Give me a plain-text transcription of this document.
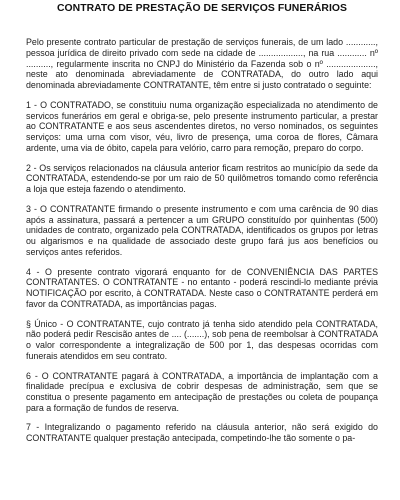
CONTRATO DE PRESTAÇÃO DE SERVIÇOS FUNERÁRIOS

Pelo presente contrato particular de prestação de serviços funerais, de um lado ............, pessoa jurídica de direito privado com sede na cidade de .................., na rua ............ nº .........., regularmente inscrita no CNPJ do Ministério da Fazenda sob o nº ...................., neste ato denominada abreviadamente de CONTRATADA, do outro lado aqui denominada abreviadamente CONTRATANTE, têm entre si justo contratado o seguinte:

1 - O CONTRATADO, se constituiu numa organização especializada no atendimento de servicos funerários em geral e obriga-se, pelo presente instrumento particular, a prestar ao CONTRATANTE e aos seus ascendentes diretos, no verso nominados, os seguintes serviços: uma urna com visor, véu, livro de presença, uma coroa de flores, Câmara ardente, uma via de óbito, capela para velório, carro para remoção, preparo do corpo.

2 - Os serviços relacionados na cláusula anterior ficam restritos ao município da sede da CONTRATADA, estendendo-se por um raio de 50 quilômetros tomando como referência a loja que esteja fazendo o atendimento.

3 - O CONTRATANTE firmando o presente instrumento e com uma carência de 90 dias após a assinatura, passará a pertencer a um GRUPO constituído por quinhentas (500) unidades de contrato, organizado pela CONTRATADA, identificados os grupos por letras ou algarismos e na qualidade de associado deste grupo fará jus aos benefícios ou serviços antes referidos.

4 - O presente contrato vigorará enquanto for de CONVENIÊNCIA DAS PARTES CONTRATANTES. O CONTRATANTE - no entanto - poderá rescindi-lo mediante prévia NOTIFICAÇÃO por escrito, à CONTRATADA. Neste caso o CONTRATANTE perderá em favor da CONTRATADA, as importâncias pagas.

§ Único - O CONTRATANTE, cujo contrato já tenha sido atendido pela CONTRATADA, não poderá pedir Rescisão antes de .... (.......), sob pena de reembolsar à CONTRATADA o valor correspondente a integralização de 500 por 1, das despesas ocorridas com funerais atendidos em seu contrato.

6 - O CONTRATANTE pagará à CONTRATADA, a importância de implantação com a finalidade precípua e exclusiva de cobrir despesas de administração, sem que se constitua o presente pagamento em antecipação de prestações ou coleta de poupança para a formação de fundos de reserva.

7 - Integralizando o pagamento referido na cláusula anterior, não será exigido do CONTRATANTE qualquer prestação antecipada, competindo-lhe tão somente o pa-
